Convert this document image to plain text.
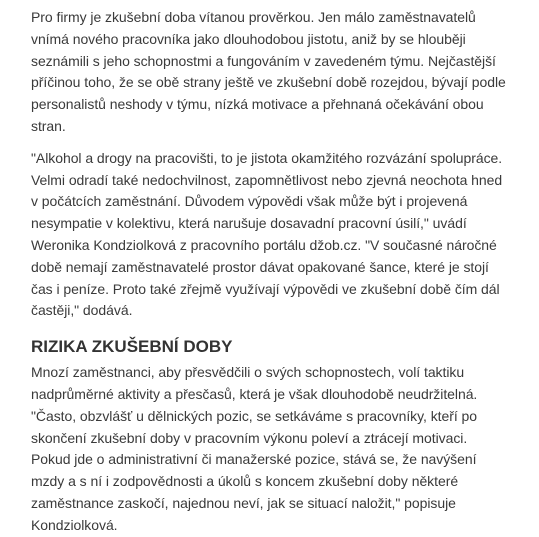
Pro firmy je zkušební doba vítanou prověrkou. Jen málo zaměstnavatelů
vnímá nového pracovníka jako dlouhodobou jistotu, aniž by se hlouběji
seznámili s jeho schopnostmi a fungováním v zavedeném týmu. Nejčastější
příčinou toho, že se obě strany ještě ve zkušební době rozejdou, bývají podle
personalistů neshody v týmu, nízká motivace a přehnaná očekávání obou
stran.

"Alkohol a drogy na pracovišti, to je jistota okamžitého rozvázání spolupráce.
Velmi odradí také nedochvilnost, zapomnětlivost nebo zjevná neochota hned
v počátcích zaměstnání. Důvodem výpovědi však může být i projevená
nesympatie v kolektivu, která narušuje dosavadní pracovní úsilí," uvádí
Weronika Kondziolková z pracovního portálu džob.cz. "V současné náročné
době nemají zaměstnavatelé prostor dávat opakované šance, které je stojí
čas i peníze. Proto také zřejmě využívají výpovědi ve zkušební době čím dál
častěji," dodává.

RIZIKA ZKUŠEBNÍ DOBY

Mnozí zaměstnanci, aby přesvědčili o svých schopnostech, volí taktiku
nadprůměrné aktivity a přesčasů, která je však dlouhodobě neudržitelná.
"Často, obzvlášť u dělnických pozic, se setkáváme s pracovníky, kteří po
skončení zkušební doby v pracovním výkonu poleví a ztrácejí motivaci.
Pokud jde o administrativní či manažerské pozice, stává se, že navýšení
mzdy a s ní i zodpovědnosti a úkolů s koncem zkušební doby některé
zaměstnance zaskočí, najednou neví, jak se situací naložit," popisuje
Kondziolková.
